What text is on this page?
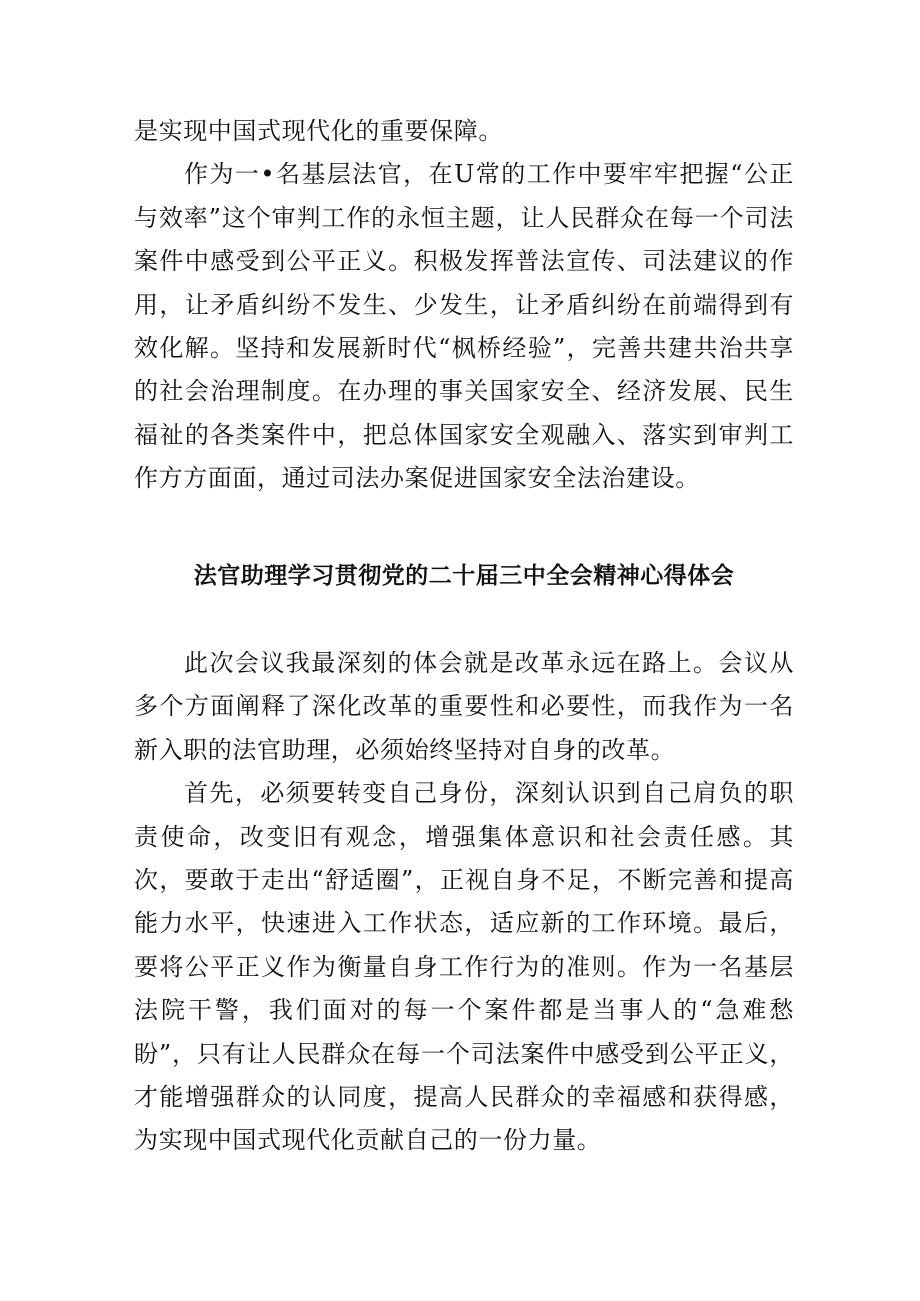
是实现中国式现代化的重要保障。

作为一•名基层法官，在U常的工作中要牢牢把握“公正与效率”这个审判工作的永恒主题，让人民群众在每一个司法案件中感受到公平正义。积极发挥普法宣传、司法建议的作用，让矛盾纠纷不发生、少发生，让矛盾纠纷在前端得到有效化解。坚持和发展新时代“枫桥经验”，完善共建共治共享的社会治理制度。在办理的事关国家安全、经济发展、民生福祉的各类案件中，把总体国家安全观融入、落实到审判工作方方面面，通过司法办案促进国家安全法治建设。

法官助理学习贯彻党的二十届三中全会精神心得体会

此次会议我最深刻的体会就是改革永远在路上。会议从多个方面阐释了深化改革的重要性和必要性，而我作为一名新入职的法官助理，必须始终坚持对自身的改革。

首先，必须要转变自己身份，深刻认识到自己肩负的职责使命，改变旧有观念，增强集体意识和社会责任感。其次，要敢于走出“舒适圈”，正视自身不足，不断完善和提高能力水平，快速进入工作状态，适应新的工作环境。最后，要将公平正义作为衡量自身工作行为的准则。作为一名基层法院干警，我们面对的每一个案件都是当事人的“急难愁盼”，只有让人民群众在每一个司法案件中感受到公平正义，才能增强群众的认同度，提高人民群众的幸福感和获得感，为实现中国式现代化贡献自己的一份力量。
